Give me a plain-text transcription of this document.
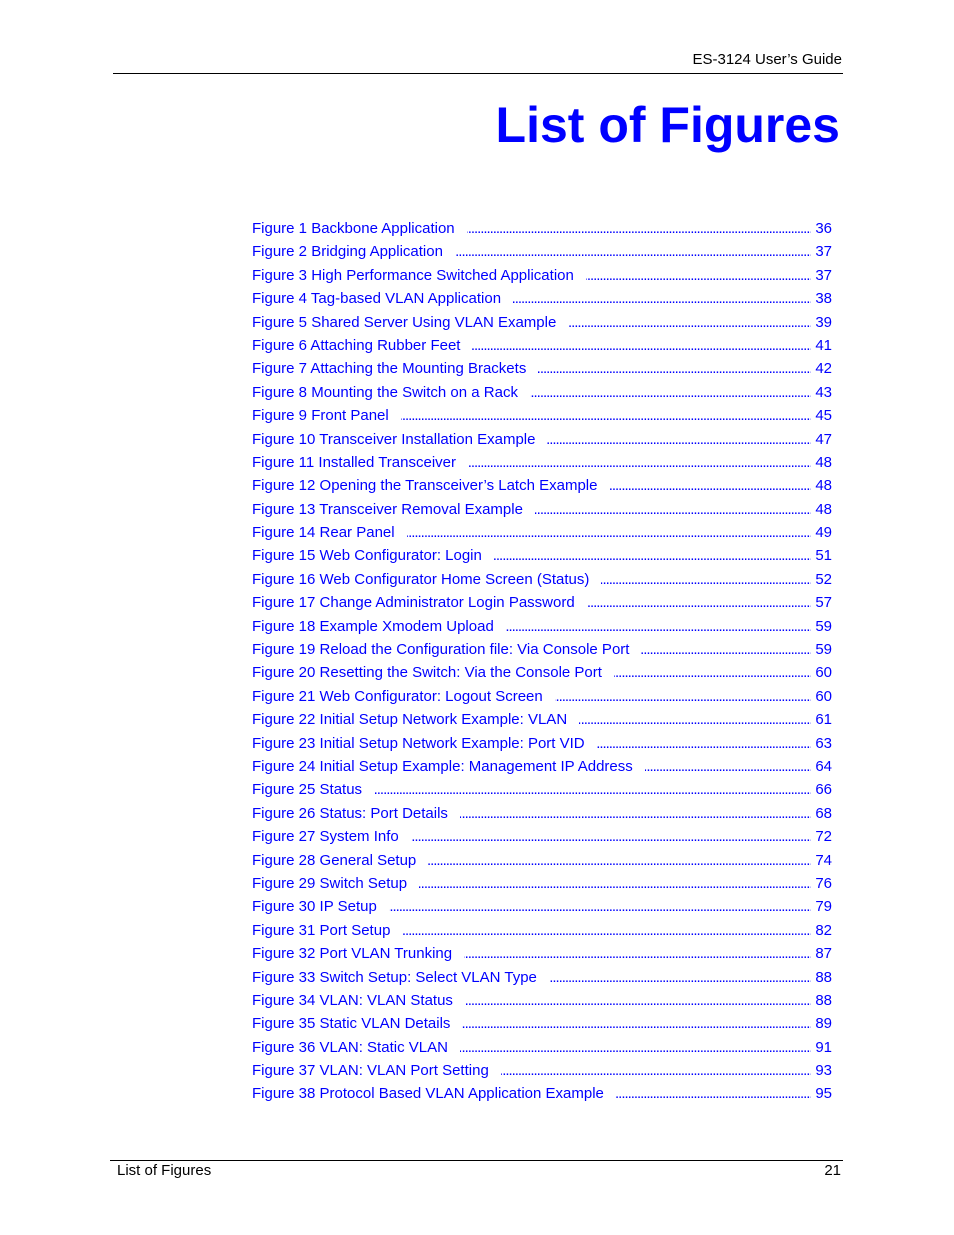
ES-3124 User’s Guide
List of Figures
Figure 1 Backbone Application . . .	36
Figure 2 Bridging Application . . .	37
Figure 3 High Performance Switched Application . . .	37
Figure 4 Tag-based VLAN Application . . .	38
Figure 5 Shared Server Using VLAN Example . . .	39
Figure 6 Attaching Rubber Feet . . .	41
Figure 7 Attaching the Mounting Brackets . . .	42
Figure 8 Mounting the Switch on a Rack . . .	43
Figure 9 Front Panel . . .	45
Figure 10 Transceiver Installation Example . . .	47
Figure 11 Installed Transceiver . . .	48
Figure 12 Opening the Transceiver’s Latch Example . . .	48
Figure 13 Transceiver Removal Example . . .	48
Figure 14 Rear Panel . . .	49
Figure 15 Web Configurator: Login . . .	51
Figure 16 Web Configurator Home Screen (Status) . . .	52
Figure 17 Change Administrator Login Password . . .	57
Figure 18 Example Xmodem Upload . . .	59
Figure 19 Reload the Configuration file: Via Console Port . . .	59
Figure 20 Resetting the Switch: Via the Console Port . . .	60
Figure 21 Web Configurator: Logout Screen . . .	60
Figure 22 Initial Setup Network Example: VLAN . . .	61
Figure 23 Initial Setup Network Example: Port VID . . .	63
Figure 24 Initial Setup Example: Management IP Address . . .	64
Figure 25 Status . . .	66
Figure 26 Status: Port Details . . .	68
Figure 27 System Info . . .	72
Figure 28 General Setup . . .	74
Figure 29 Switch Setup . . .	76
Figure 30 IP Setup . . .	79
Figure 31 Port Setup . . .	82
Figure 32 Port VLAN Trunking . . .	87
Figure 33 Switch Setup: Select VLAN Type . . .	88
Figure 34 VLAN: VLAN Status . . .	88
Figure 35 Static VLAN Details . . .	89
Figure 36 VLAN: Static VLAN . . .	91
Figure 37 VLAN: VLAN Port Setting . . .	93
Figure 38 Protocol Based VLAN Application Example . . .	95
List of Figures	21
